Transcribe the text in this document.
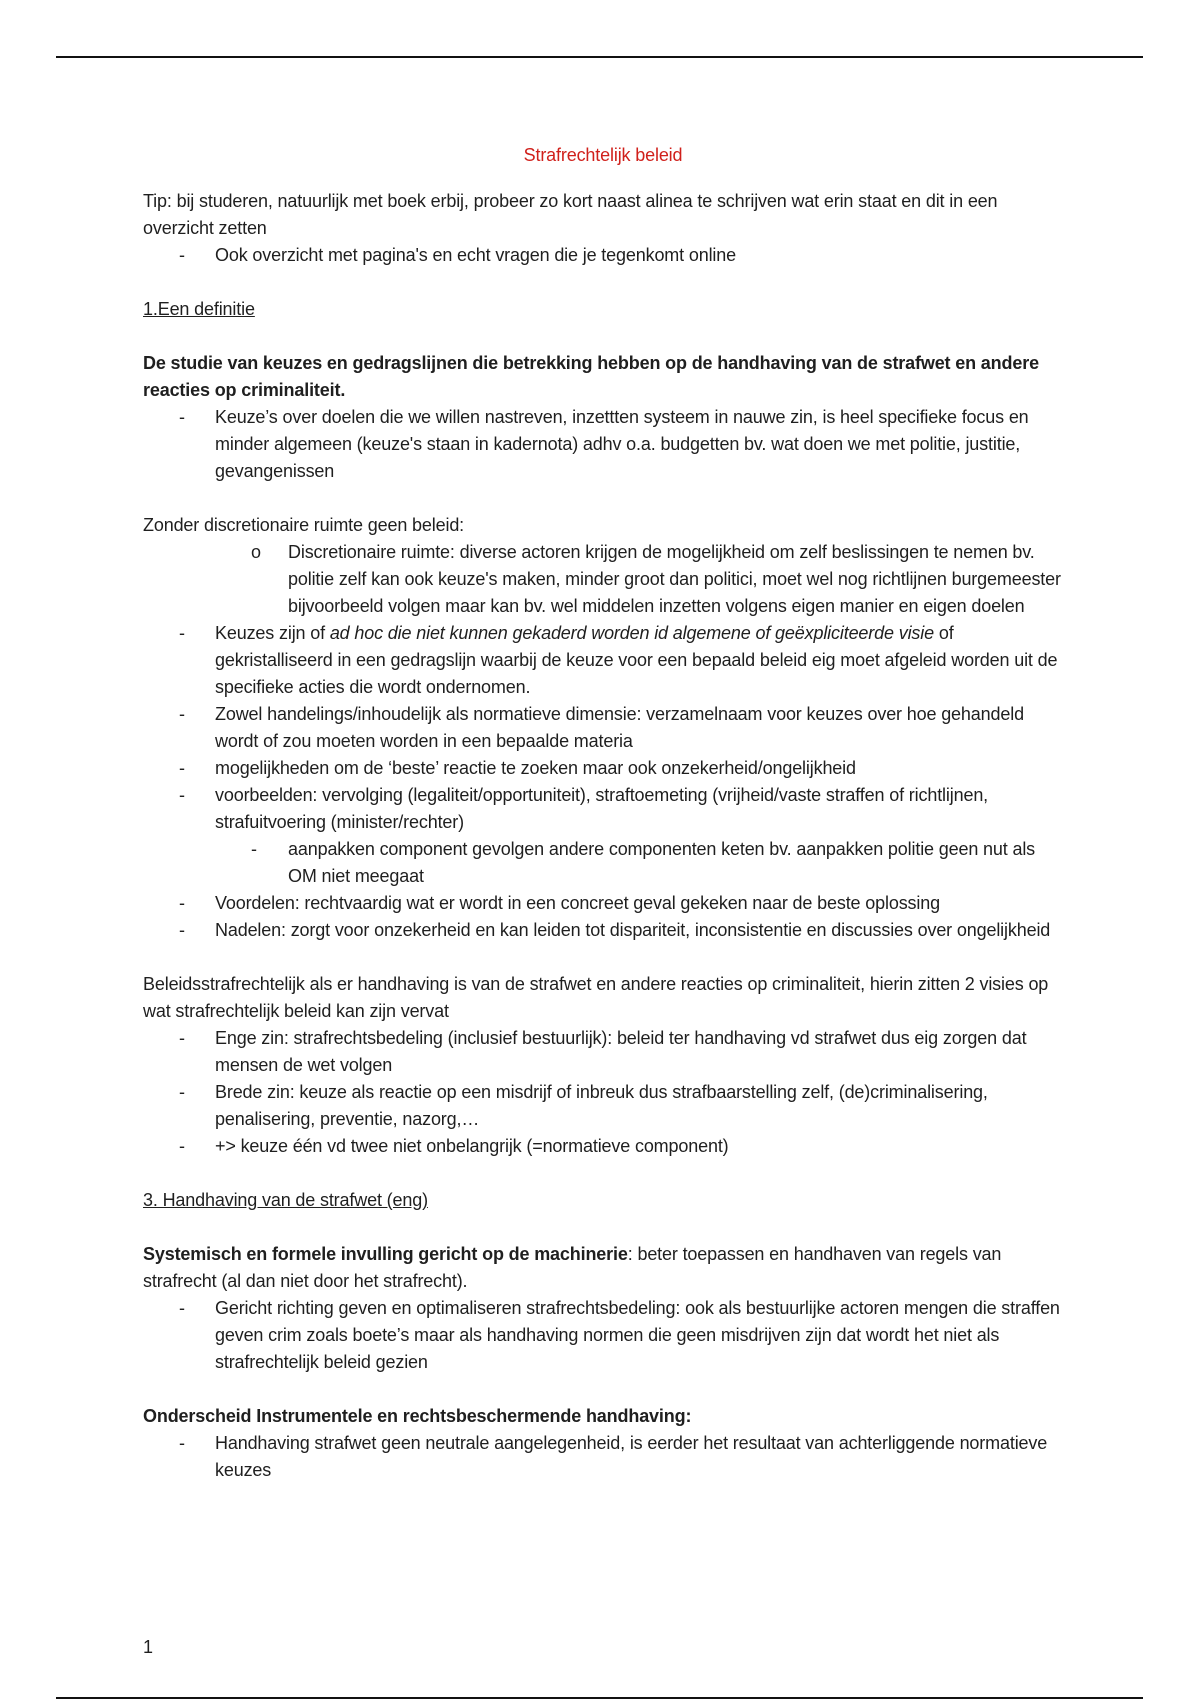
Strafrechtelijk beleid

Tip: bij studeren, natuurlijk met boek erbij, probeer zo kort naast alinea te schrijven wat erin staat en dit in een overzicht zetten

- Ook overzicht met pagina's en echt vragen die je tegenkomt online

1.Een definitie

De studie van keuzes en gedragslijnen die betrekking hebben op de handhaving van de strafwet en andere reacties op criminaliteit.

- Keuze’s over doelen die we willen nastreven, inzettten systeem in nauwe zin, is heel specifieke focus en minder algemeen (keuze's staan in kadernota) adhv o.a. budgetten bv. wat doen we met politie, justitie, gevangenissen

Zonder discretionaire ruimte geen beleid:

o Discretionaire ruimte: diverse actoren krijgen de mogelijkheid om zelf beslissingen te nemen bv. politie zelf kan ook keuze's maken, minder groot dan politici, moet wel nog richtlijnen burgemeester bijvoorbeeld volgen maar kan bv. wel middelen inzetten volgens eigen manier en eigen doelen

- Keuzes zijn of ad hoc die niet kunnen gekaderd worden id algemene of geëxpliciteerde visie of gekristalliseerd in een gedragslijn waarbij de keuze voor een bepaald beleid eig moet afgeleid worden uit de specifieke acties die wordt ondernomen.

- Zowel handelings/inhoudelijk als normatieve dimensie: verzamelnaam voor keuzes over hoe gehandeld wordt of zou moeten worden in een bepaalde materia

- mogelijkheden om de ‘beste’ reactie te zoeken maar ook onzekerheid/ongelijkheid

- voorbeelden: vervolging (legaliteit/opportuniteit), straftoemeting (vrijheid/vaste straffen of richtlijnen, strafuitvoering (minister/rechter)

- aanpakken component gevolgen andere componenten keten bv. aanpakken politie geen nut als OM niet meegaat

- Voordelen: rechtvaardig wat er wordt in een concreet geval gekeken naar de beste oplossing

- Nadelen: zorgt voor onzekerheid en kan leiden tot dispariteit, inconsistentie en discussies over ongelijkheid

Beleidsstrafrechtelijk als er handhaving is van de strafwet en andere reacties op criminaliteit, hierin zitten 2 visies op wat strafrechtelijk beleid kan zijn vervat

- Enge zin: strafrechtsbedeling (inclusief bestuurlijk): beleid ter handhaving vd strafwet dus eig zorgen dat mensen de wet volgen

- Brede zin: keuze als reactie op een misdrijf of inbreuk dus strafbaarstelling zelf, (de)criminalisering, penalisering, preventie, nazorg,…

- +> keuze één vd twee niet onbelangrijk (=normatieve component)

3. Handhaving van de strafwet (eng)

Systemisch en formele invulling gericht op de machinerie: beter toepassen en handhaven van regels van strafrecht (al dan niet door het strafrecht).

- Gericht richting geven en optimaliseren strafrechtsbedeling: ook als bestuurlijke actoren mengen die straffen geven crim zoals boete’s maar als handhaving normen die geen misdrijven zijn dat wordt het niet als strafrechtelijk beleid gezien

Onderscheid Instrumentele en rechtsbeschermende handhaving:

- Handhaving strafwet geen neutrale aangelegenheid, is eerder het resultaat van achterliggende normatieve keuzes

1
